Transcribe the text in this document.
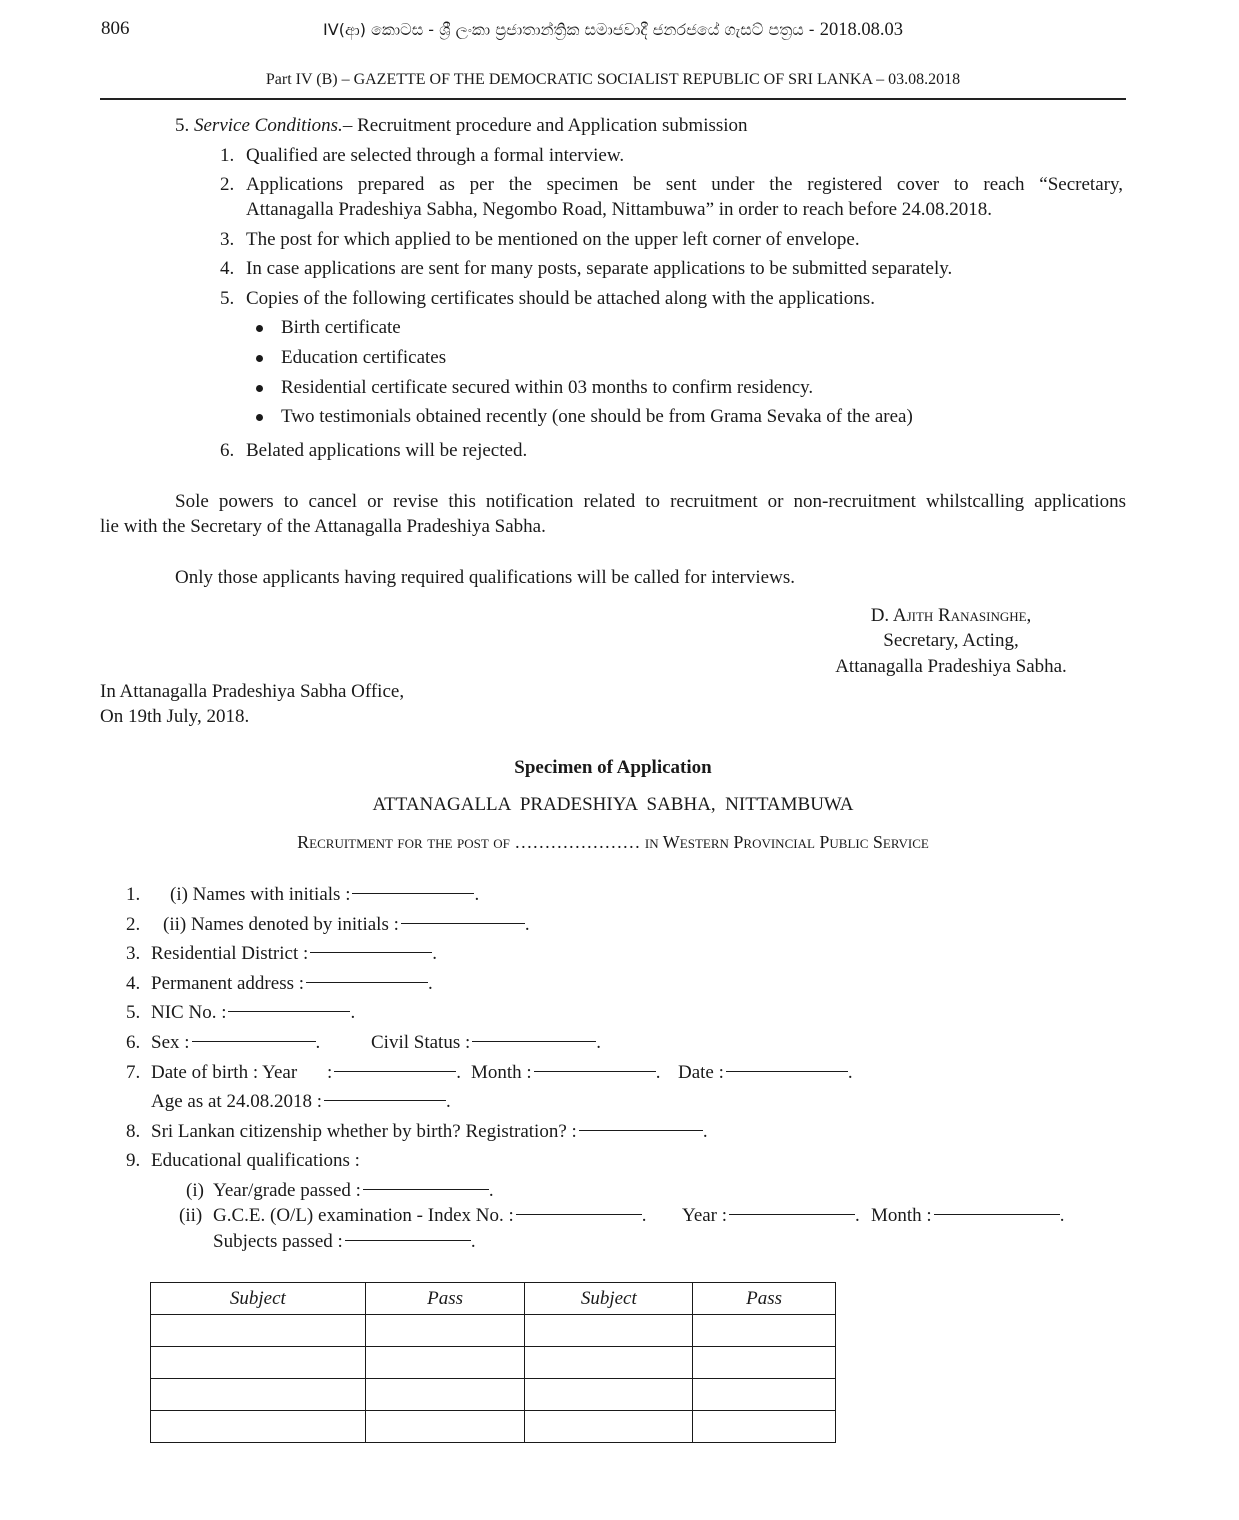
806	IV(ආ) කොටස - ශ්‍රී ලංකා ප්‍රජාතාන්ත්‍රික සමාජවාදී ජනරජයේ ගැසට් පත්‍රය - 2018.08.03
Part IV (B) – GAZETTE OF THE DEMOCRATIC SOCIALIST REPUBLIC OF SRI LANKA – 03.08.2018
5. Service Conditions.– Recruitment procedure and Application submission
1. Qualified are selected through a formal interview.
2. Applications prepared as per the specimen be sent under the registered cover to reach “Secretary,
Attanagalla Pradeshiya Sabha, Negombo Road, Nittambuwa” in order to reach before 24.08.2018.
3. The post for which applied to be mentioned on the upper left corner of envelope.
4. In case applications are sent for many posts, separate applications to be submitted separately.
5. Copies of the following certificates should be attached along with the applications.
Birth certificate
Education certificates
Residential certificate secured within 03 months to confirm residency.
Two testimonials obtained recently (one should be from Grama Sevaka of the area)
6. Belated applications will be rejected.
Sole powers to cancel or revise this notification related to recruitment or non-recruitment whilstcalling applications
lie with the Secretary of the Attanagalla Pradeshiya Sabha.
Only those applicants having required qualifications will be called for interviews.
D. Ajith Ranasinghe,
Secretary, Acting,
Attanagalla Pradeshiya Sabha.
In Attanagalla Pradeshiya Sabha Office,
On 19th July, 2018.
Specimen of Application
ATTANAGALLA  PRADESHIYA  SABHA,  NITTAMBUWA
Recruitment for the post of ………………… in Western Provincial Public Service
1. (i) Names with initials :	.
2. (ii) Names denoted by initials :	.
3. Residential District :	.
4. Permanent address :	.
5. NIC No. :	.
6. Sex :	.	Civil Status :	.
7. Date of birth : Year :	. Month :	. Date :	.
Age as at 24.08.2018 :	.
8. Sri Lankan citizenship whether by birth? Registration? :	.
9. Educational qualifications :
(i) Year/grade passed :	.
(ii) G.C.E. (O/L) examination - Index No. :	. Year :	. Month :	.
Subjects passed :	.
Subject	Pass	Subject	Pass
